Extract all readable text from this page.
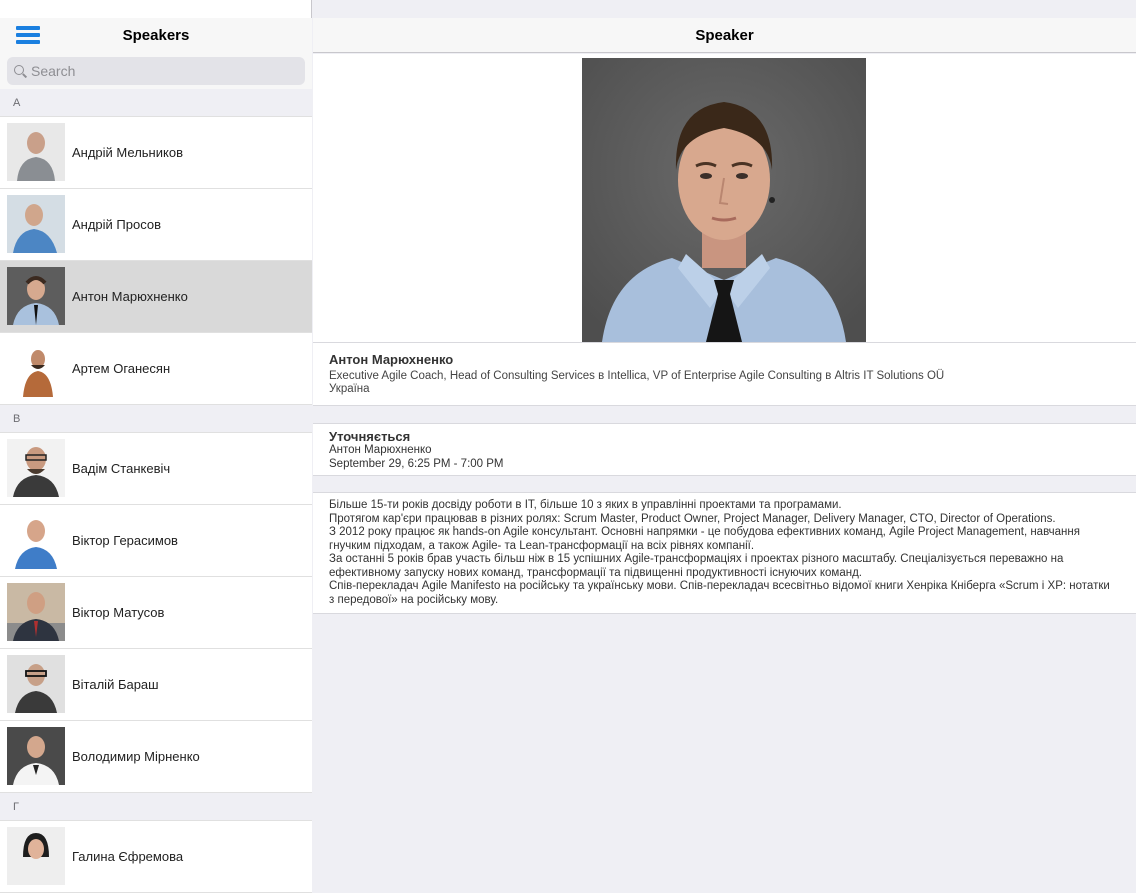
Speakers
Search
А
Андрій Мельников
Андрій Просов
Антон Марюхненко
Артем Оганесян
В
Вадім Станкевіч
Віктор Герасимов
Віктор Матусов
Віталій Бараш
Володимир Мірненко
Г
Галина Єфремова
Speaker
Антон Марюхненко
Executive Agile Coach, Head of Consulting Services в Intellica, VP of Enterprise Agile Consulting в Altris IT Solutions OÜ
Україна
Уточняється
Антон Марюхненко
September 29, 6:25 PM - 7:00 PM

Більше 15-ти років досвіду роботи в IT, більше 10 з яких в управлінні проектами та програмами.

Протягом кар'єри працював в різних ролях: Scrum Master, Product Owner, Project Manager, Delivery Manager, CTO, Director of Operations.

З 2012 року працює як hands-on Agile консультант. Основні напрямки - це побудова ефективних команд, Agile Project Management, навчання гнучким підходам, а також Agile- та Lean-трансформації на всіх рівнях компанії.

За останні 5 років брав участь більш ніж в 15 успішних Agile-трансформаціях і проектах різного масштабу. Спеціалізується переважно на ефективному запуску нових команд, трансформації та підвищенні продуктивності існуючих команд.

Спів-перекладач Agile Manifesto на російську та українську мови. Спів-перекладач всесвітньо відомої книги Хенріка Кніберга «Scrum і XP: нотатки з передової» на російську мову.
